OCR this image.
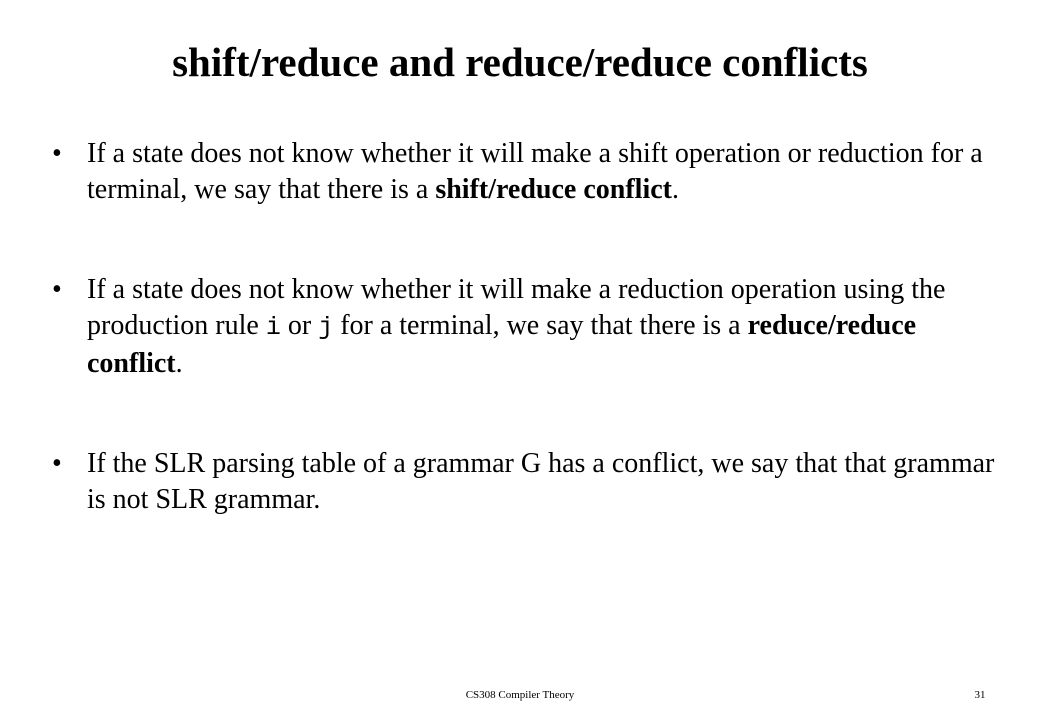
shift/reduce and reduce/reduce conflicts
• If a state does not know whether it will make a shift operation or reduction for a terminal, we say that there is a shift/reduce conflict.
• If a state does not know whether it will make a reduction operation using the production rule i or j for a terminal, we say that there is a reduce/reduce conflict.
• If the SLR parsing table of a grammar G has a conflict, we say that that grammar is not SLR grammar.
CS308 Compiler Theory	31
